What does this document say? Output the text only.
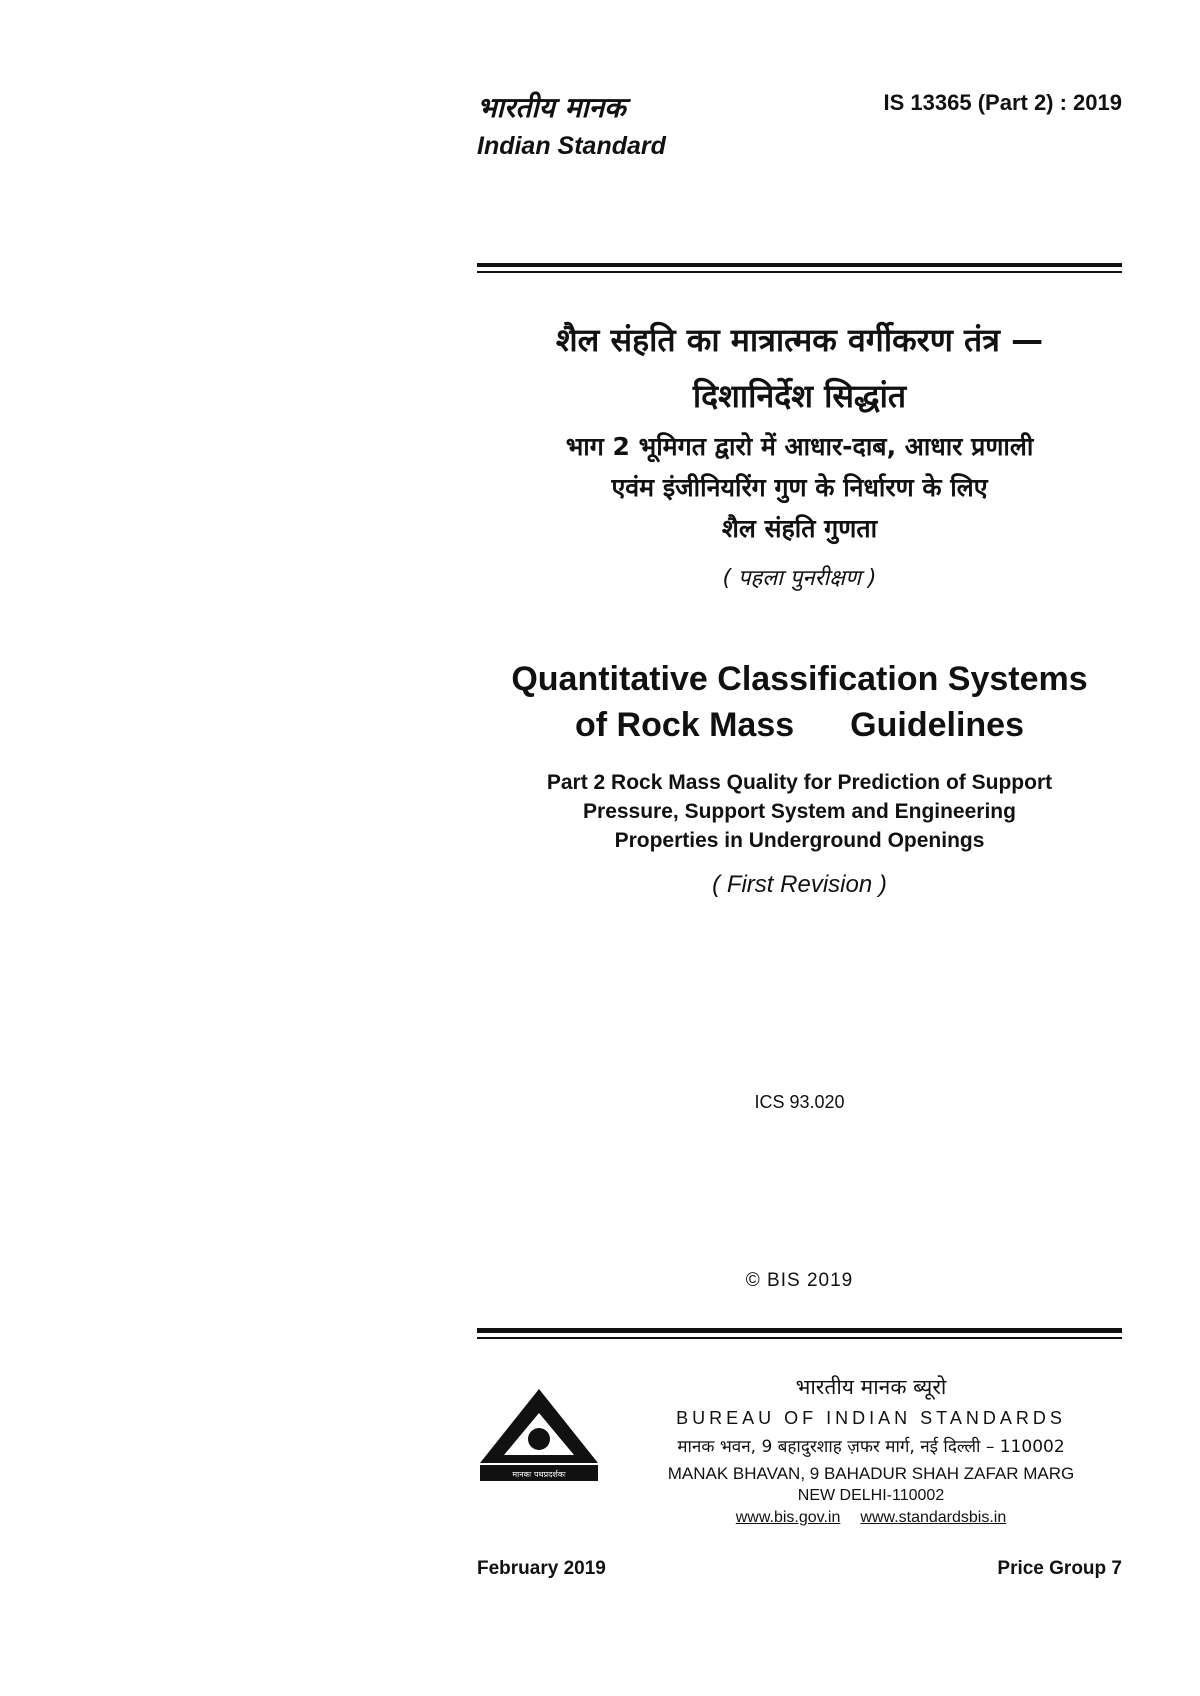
भारतीय मानक
Indian Standard
IS 13365 (Part 2) : 2019
शैल संहति का मात्रात्मक वर्गीकरण तंत्र —
दिशानिर्देश सिद्धांत
भाग 2 भूमिगत द्वारो में आधार-दाब, आधार प्रणाली
एवंम इंजीनियरिंग गुण के निर्धारण के लिए
शैल संहति गुणता
( पहला पुनरीक्षण )
Quantitative Classification Systems
of Rock Mass Guidelines
Part 2 Rock Mass Quality for Prediction of Support
Pressure, Support System and Engineering
Properties in Underground Openings
( First Revision )
ICS 93.020
© BIS 2019
मानकः पथप्रदर्शकः
भारतीय मानक ब्यूरो
BUREAU OF INDIAN STANDARDS
मानक भवन, 9 बहादुरशाह ज़फर मार्ग, नई दिल्ली – 110002
MANAK BHAVAN, 9 BAHADUR SHAH ZAFAR MARG
NEW DELHI-110002
www.bis.gov.in www.standardsbis.in
February 2019	Price Group 7
